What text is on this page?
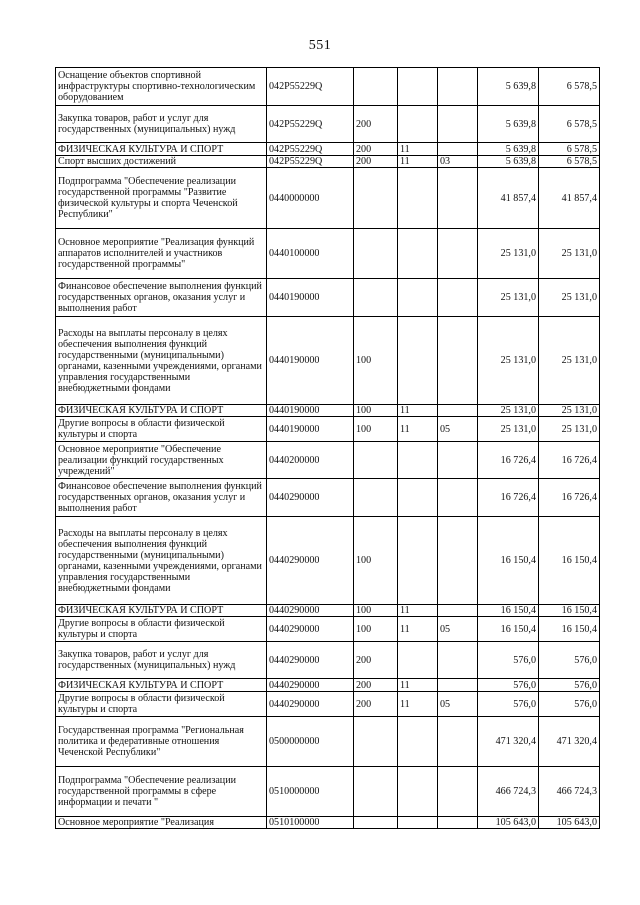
551
Оснащение объектов спортивной инфраструктуры спортивно-технологическим оборудованием	042P55229Q				5 639,8	6 578,5
Закупка товаров, работ и услуг для государственных (муниципальных) нужд	042P55229Q	200			5 639,8	6 578,5
ФИЗИЧЕСКАЯ КУЛЬТУРА И СПОРТ	042P55229Q	200	11		5 639,8	6 578,5
Спорт высших достижений	042P55229Q	200	11	03	5 639,8	6 578,5
Подпрограмма "Обеспечение реализации государственной программы "Развитие физической культуры и спорта Чеченской Республики"	0440000000				41 857,4	41 857,4
Основное мероприятие "Реализация функций аппаратов исполнителей и участников государственной программы"	0440100000				25 131,0	25 131,0
Финансовое обеспечение выполнения функций государственных органов, оказания услуг и выполнения работ	0440190000				25 131,0	25 131,0
Расходы на выплаты персоналу в целях обеспечения выполнения функций государственными (муниципальными) органами, казенными учреждениями, органами управления государственными внебюджетными фондами	0440190000	100			25 131,0	25 131,0
ФИЗИЧЕСКАЯ КУЛЬТУРА И СПОРТ	0440190000	100	11		25 131,0	25 131,0
Другие вопросы в области физической культуры и спорта	0440190000	100	11	05	25 131,0	25 131,0
Основное мероприятие "Обеспечение реализации функций государственных учреждений"	0440200000				16 726,4	16 726,4
Финансовое обеспечение выполнения функций государственных органов, оказания услуг и выполнения работ	0440290000				16 726,4	16 726,4
Расходы на выплаты персоналу в целях обеспечения выполнения функций государственными (муниципальными) органами, казенными учреждениями, органами управления государственными внебюджетными фондами	0440290000	100			16 150,4	16 150,4
ФИЗИЧЕСКАЯ КУЛЬТУРА И СПОРТ	0440290000	100	11		16 150,4	16 150,4
Другие вопросы в области физической культуры и спорта	0440290000	100	11	05	16 150,4	16 150,4
Закупка товаров, работ и услуг для государственных (муниципальных) нужд	0440290000	200			576,0	576,0
ФИЗИЧЕСКАЯ КУЛЬТУРА И СПОРТ	0440290000	200	11		576,0	576,0
Другие вопросы в области физической культуры и спорта	0440290000	200	11	05	576,0	576,0
Государственная программа "Региональная политика и федеративные отношения Чеченской Республики"	0500000000				471 320,4	471 320,4
Подпрограмма "Обеспечение реализации государственной программы в сфере информации и печати "	0510000000				466 724,3	466 724,3
Основное мероприятие "Реализация	0510100000				105 643,0	105 643,0
